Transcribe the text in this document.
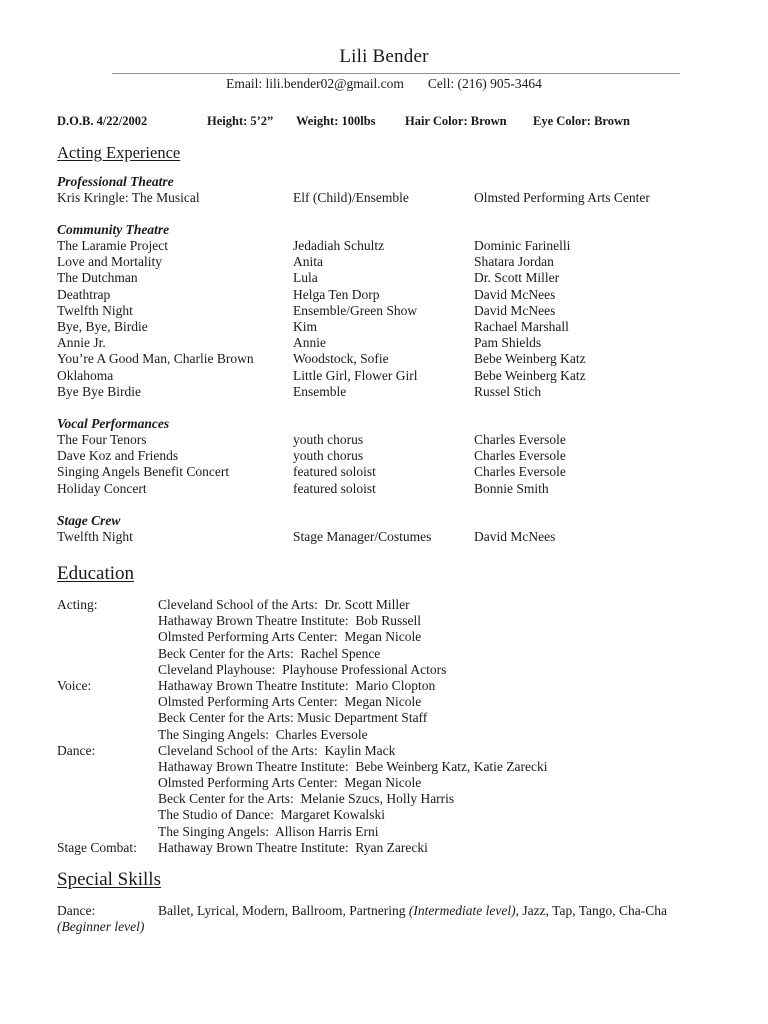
Lili Bender
Email: lili.bender02@gmail.com Cell: (216) 905-3464
D.O.B. 4/22/2002	Height: 5’2” Weight: 100lbs Hair Color: Brown Eye Color: Brown
Acting Experience
Professional Theatre
Kris Kringle: The Musical	Elf (Child)/Ensemble	Olmsted Performing Arts Center
Community Theatre
The Laramie Project	Jedadiah Schultz	Dominic Farinelli
Love and Mortality	Anita	Shatara Jordan
The Dutchman	Lula	Dr. Scott Miller
Deathtrap	Helga Ten Dorp	David McNees
Twelfth Night	Ensemble/Green Show	David McNees
Bye, Bye, Birdie	Kim	Rachael Marshall
Annie Jr.	Annie	Pam Shields
You’re A Good Man, Charlie Brown	Woodstock, Sofie	Bebe Weinberg Katz
Oklahoma	Little Girl, Flower Girl	Bebe Weinberg Katz
Bye Bye Birdie	Ensemble	Russel Stich
Vocal Performances
The Four Tenors	youth chorus	Charles Eversole
Dave Koz and Friends	youth chorus	Charles Eversole
Singing Angels Benefit Concert	featured soloist	Charles Eversole
Holiday Concert	featured soloist	Bonnie Smith
Stage Crew
Twelfth Night	Stage Manager/Costumes	David McNees
Education
Acting:	Cleveland School of the Arts:  Dr. Scott Miller
Hathaway Brown Theatre Institute:  Bob Russell
Olmsted Performing Arts Center:  Megan Nicole
Beck Center for the Arts:  Rachel Spence
Cleveland Playhouse:  Playhouse Professional Actors
Voice:	Hathaway Brown Theatre Institute:  Mario Clopton
Olmsted Performing Arts Center:  Megan Nicole
Beck Center for the Arts: Music Department Staff
The Singing Angels:  Charles Eversole
Dance:	Cleveland School of the Arts:  Kaylin Mack
Hathaway Brown Theatre Institute:  Bebe Weinberg Katz, Katie Zarecki
Olmsted Performing Arts Center:  Megan Nicole
Beck Center for the Arts:  Melanie Szucs, Holly Harris
The Studio of Dance:  Margaret Kowalski
The Singing Angels:  Allison Harris Erni
Stage Combat: Hathaway Brown Theatre Institute:  Ryan Zarecki
Special Skills
Dance:	Ballet, Lyrical, Modern, Ballroom, Partnering (Intermediate level), Jazz, Tap, Tango, Cha-Cha
(Beginner level)
